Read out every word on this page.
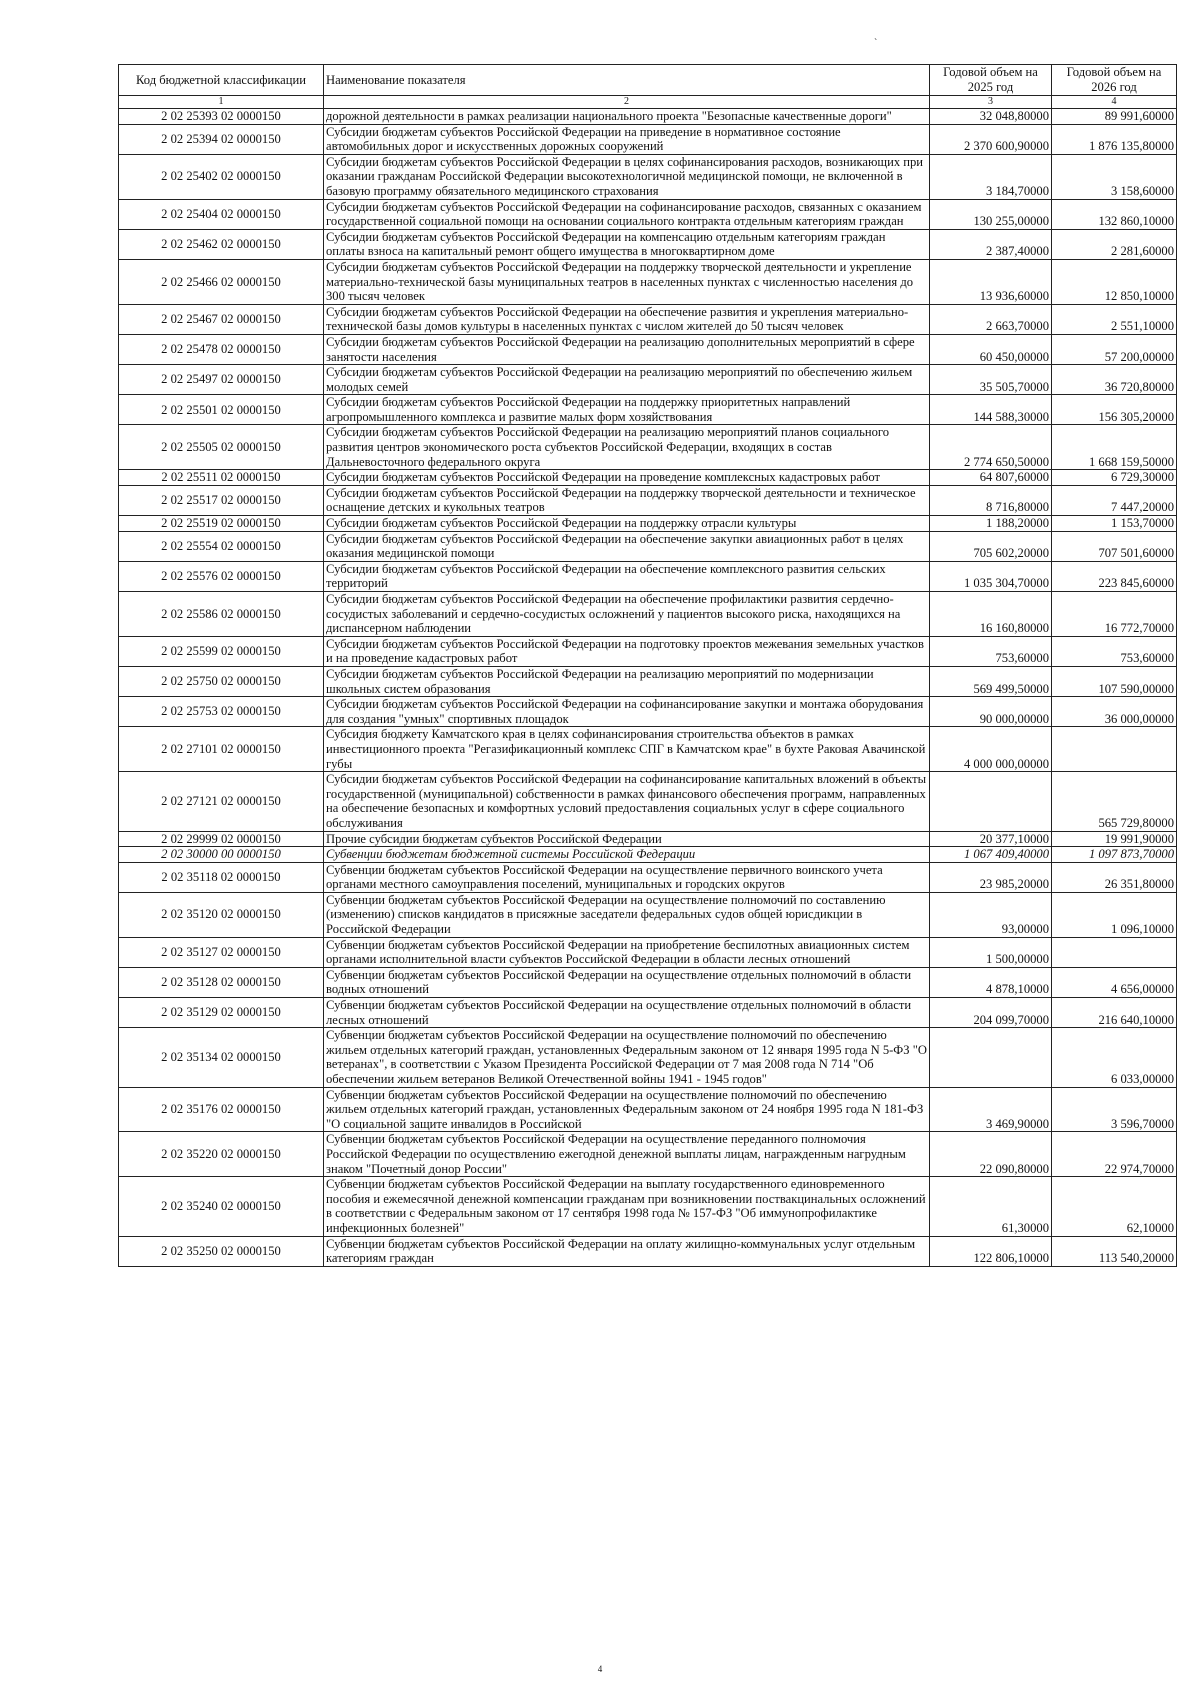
`
Код бюджетной классификации	Наименование показателя	Годовой объем на 2025 год	Годовой объем на 2026 год
1	2	3	4
2 02 25393 02 0000150	дорожной деятельности в рамках реализации национального проекта "Безопасные качественные дороги"	32 048,80000	89 991,60000
2 02 25394 02 0000150	Субсидии бюджетам субъектов Российской Федерации на приведение в нормативное состояние автомобильных дорог и искусственных дорожных сооружений	2 370 600,90000	1 876 135,80000
2 02 25402 02 0000150	Субсидии бюджетам субъектов Российской Федерации в целях софинансирования расходов, возникающих при оказании гражданам Российской Федерации высокотехнологичной медицинской помощи, не включенной в базовую программу обязательного медицинского страхования	3 184,70000	3 158,60000
2 02 25404 02 0000150	Субсидии бюджетам субъектов Российской Федерации на софинансирование расходов, связанных с оказанием государственной социальной помощи на основании социального контракта отдельным категориям граждан	130 255,00000	132 860,10000
2 02 25462 02 0000150	Субсидии бюджетам субъектов Российской Федерации на компенсацию отдельным категориям граждан оплаты взноса на капитальный ремонт общего имущества в многоквартирном доме	2 387,40000	2 281,60000
2 02 25466 02 0000150	Субсидии бюджетам субъектов Российской Федерации на поддержку творческой деятельности и укрепление материально-технической базы муниципальных театров в населенных пунктах с численностью населения до 300 тысяч человек	13 936,60000	12 850,10000
2 02 25467 02 0000150	Субсидии бюджетам субъектов Российской Федерации на обеспечение развития и укрепления материально-технической базы домов культуры в населенных пунктах с числом жителей до 50 тысяч человек	2 663,70000	2 551,10000
2 02 25478 02 0000150	Субсидии бюджетам субъектов Российской Федерации на реализацию дополнительных мероприятий в сфере занятости населения	60 450,00000	57 200,00000
2 02 25497 02 0000150	Субсидии бюджетам субъектов Российской Федерации на реализацию мероприятий по обеспечению жильем молодых семей	35 505,70000	36 720,80000
2 02 25501 02 0000150	Субсидии бюджетам субъектов Российской Федерации на поддержку приоритетных направлений агропромышленного комплекса и развитие малых форм хозяйствования	144 588,30000	156 305,20000
2 02 25505 02 0000150	Субсидии бюджетам субъектов Российской Федерации на реализацию мероприятий планов социального развития центров экономического роста субъектов Российской Федерации, входящих в состав Дальневосточного федерального округа	2 774 650,50000	1 668 159,50000
2 02 25511 02 0000150	Субсидии бюджетам субъектов Российской Федерации на проведение комплексных кадастровых работ	64 807,60000	6 729,30000
2 02 25517 02 0000150	Субсидии бюджетам субъектов Российской Федерации на поддержку творческой деятельности и техническое оснащение детских и кукольных театров	8 716,80000	7 447,20000
2 02 25519 02 0000150	Субсидии бюджетам субъектов Российской Федерации на поддержку отрасли культуры	1 188,20000	1 153,70000
2 02 25554 02 0000150	Субсидии бюджетам субъектов Российской Федерации на обеспечение закупки авиационных работ в целях оказания медицинской помощи	705 602,20000	707 501,60000
2 02 25576 02 0000150	Субсидии бюджетам субъектов Российской Федерации на обеспечение комплексного развития сельских территорий	1 035 304,70000	223 845,60000
2 02 25586 02 0000150	Субсидии бюджетам субъектов Российской Федерации на обеспечение профилактики развития сердечно-сосудистых заболеваний и сердечно-сосудистых осложнений у пациентов высокого риска, находящихся на диспансерном наблюдении	16 160,80000	16 772,70000
2 02 25599 02 0000150	Субсидии бюджетам субъектов Российской Федерации на подготовку проектов межевания земельных участков и на проведение кадастровых работ	753,60000	753,60000
2 02 25750 02 0000150	Субсидии бюджетам субъектов Российской Федерации на реализацию мероприятий по модернизации школьных систем образования	569 499,50000	107 590,00000
2 02 25753 02 0000150	Субсидии бюджетам субъектов Российской Федерации на софинансирование закупки и монтажа оборудования для создания "умных" спортивных площадок	90 000,00000	36 000,00000
2 02 27101 02 0000150	Субсидия бюджету Камчатского края в целях софинансирования строительства объектов в рамках инвестиционного проекта "Регазификационный комплекс СПГ в Камчатском крае" в бухте Раковая Авачинской губы	4 000 000,00000	
2 02 27121 02 0000150	Субсидии бюджетам субъектов Российской Федерации на софинансирование капитальных вложений в объекты государственной (муниципальной) собственности в рамках финансового обеспечения программ, направленных на обеспечение безопасных и комфортных условий предоставления социальных услуг в сфере социального обслуживания		565 729,80000
2 02 29999 02 0000150	Прочие субсидии бюджетам субъектов Российской Федерации	20 377,10000	19 991,90000
2 02 30000 00 0000150	Субвенции бюджетам бюджетной системы Российской Федерации	1 067 409,40000	1 097 873,70000
2 02 35118 02 0000150	Субвенции бюджетам субъектов Российской Федерации на осуществление первичного воинского учета органами местного самоуправления поселений, муниципальных и городских округов	23 985,20000	26 351,80000
2 02 35120 02 0000150	Субвенции бюджетам субъектов Российской Федерации на осуществление полномочий по составлению (изменению) списков кандидатов в присяжные заседатели федеральных судов общей юрисдикции в Российской Федерации	93,00000	1 096,10000
2 02 35127 02 0000150	Субвенции бюджетам субъектов Российской Федерации на приобретение беспилотных авиационных систем органами исполнительной власти субъектов Российской Федерации в области лесных отношений	1 500,00000	
2 02 35128 02 0000150	Субвенции бюджетам субъектов Российской Федерации на осуществление отдельных полномочий в области водных отношений	4 878,10000	4 656,00000
2 02 35129 02 0000150	Субвенции бюджетам субъектов Российской Федерации на осуществление отдельных полномочий в области лесных отношений	204 099,70000	216 640,10000
2 02 35134 02 0000150	Субвенции бюджетам субъектов Российской Федерации на осуществление полномочий по обеспечению жильем отдельных категорий граждан, установленных Федеральным законом от 12 января 1995 года N 5-ФЗ "О ветеранах", в соответствии с Указом Президента Российской Федерации от 7 мая 2008 года N 714 "Об обеспечении жильем ветеранов Великой Отечественной войны 1941 - 1945 годов"		6 033,00000
2 02 35176 02 0000150	Субвенции бюджетам субъектов Российской Федерации на осуществление полномочий по обеспечению жильем отдельных категорий граждан, установленных Федеральным законом от 24 ноября 1995 года N 181-ФЗ "О социальной защите инвалидов в Российской	3 469,90000	3 596,70000
2 02 35220 02 0000150	Субвенции бюджетам субъектов Российской Федерации на осуществление переданного полномочия Российской Федерации по осуществлению ежегодной денежной выплаты лицам, награжденным нагрудным знаком "Почетный донор России"	22 090,80000	22 974,70000
2 02 35240 02 0000150	Субвенции бюджетам субъектов Российской Федерации на выплату государственного единовременного пособия и ежемесячной денежной компенсации гражданам при возникновении поствакцинальных осложнений в соответствии с Федеральным законом от 17 сентября 1998 года № 157-ФЗ "Об иммунопрофилактике инфекционных болезней"	61,30000	62,10000
2 02 35250 02 0000150	Субвенции бюджетам субъектов Российской Федерации на оплату жилищно-коммунальных услуг отдельным категориям граждан	122 806,10000	113 540,20000
4
